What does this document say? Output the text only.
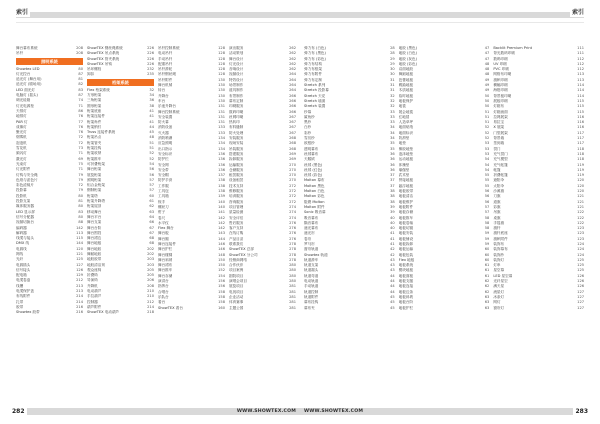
索引
舞台幕布系统	208
吊杆	208
照明系统
Showtex LED	80
灯光控台	87
追光灯 (舞台用)	81
追光灯 (剧场用)	82
LED 面光灯	83
电脑灯 (摇头)	87
调光硅箱	74
灯光电源柜	71
天排灯	86
地排灯	76
PAR 灯	77
成像灯	76
聚光灯	76
烟雾机	72
泡泡机	72
雪花机	73
频闪灯	71
激光灯	69
光束灯	75
灯光附件	71
灯钩与安全绳	79
色纸与滤色片	79
彩色滤镜片	72
投影幕	79
投影机	80
投影支架	81
媒体服务器	80
LED 显示屏	83
信号分配器	80
视频切换台	88
编码器	142
解码器	113
线缆与接头	115
DMX 线	144
电源线	120
网线	121
光纤	125
电源插头	127
信号接头	126
配电箱	129
电缆卷盘	212
线槽	213
电缆保护盖	213
布线附件	214
扎带	214
胶带	216
Showtex 胶带	216
ShowTEX 钢丝绳系统	226
ShowTEX 吊点系统	226
ShowTEX 管夹系统	226
ShowTEX 吊钩	226
吊环螺栓	232
卸扣	235
桁架系统
Flex 桁架系统	32
方形桁架	34
三角桁架	36
圆形桁架	38
桁架底座	41
桁架连接件	41
桁架角件	41
桁架销钉	44
Truss 连接件系统	45
桁架吊点	48
桁架管夹	51
桁架挂钩	51
桁架收纳	52
桁架推车	52
可折叠桁架	54
舞台桁架	56
展览桁架	56
照明桁架	57
铝合金桁架	57
钢制桁架	57
桁架塔	60
桁架升降塔	61
桁架屋顶	62
移动舞台	63
舞台平台	64
舞台支架	66
舞台台阶	67
舞台围挡	67
舞台裙边	68
舞台地板	68
舞台地胶	202
舞蹈地胶	202
地胶胶带	203
地胶清洁剂	203
观众座椅	205
折叠椅	205
导演椅	206
升降机	208
电动葫芦	210
手拉葫芦	210
控制器	212
葫芦附件	214
ShowTEX 电动葫芦	218
吊杆控制系统	128
电动吊杆	128
手动吊杆	128
配重吊杆	128
吊杆滑轮	128
吊杆钢丝绳	128
吊杆附件	130
舞台机械	130
转台	130
升降台	130
车台	130
乐池升降台	131
舞台控制系统	131
安全装置	131
防火幕	131
消防设备	133
灭火器	133
消防喷淋	134
应急照明	134
出口指示	134
安全标识	136
防护栏	136
安全网	136
安全带	136
安全帽	137
防护手套	138
工作服	138
工具包	138
工具箱	139
扳手	140
螺丝刀	140
钳子	141
卷尺	142
水平仪	142
Flex 舞台	142
舞台板	143
舞台腿	144
舞台连接件	146
舞台护栏	146
舞台楼梯	148
舞台斜坡	150
舞台裙布	150
舞台推车	152
舞台存储	154
演讲台	156
指挥台	156
合唱台	158
乐队台	158
看台	158
ShowTEX 看台	160
演出服务	262
活动策划	262
舞台设计	262
灯光设计	262
音响设计	262
视频设计	264
特效设计	264
场景制作	264
道具制作	264
布景制作	266
幕布定制	266
印刷服务	266
数码印刷	266
丝网印刷	267
热转印	267
布料缝制	267
防火处理	267
安装服务	268
现场安装	268
吊装服务	268
搭建服务	269
拆卸服务	269
运输服务	270
仓储服务	270
租赁服务	270
设备租赁	270
技术支持	272
维修服务	272
培训服务	272
咨询服务	272
项目管理	274
质量检测	274
安全评估	274
售后服务	276
客户支持	276
在线订购	276
产品目录	276
联系我们	278
ShowTEX 总部	278
ShowTEX 分公司	278
经销商网络	278
合作伙伴	280
项目案例	280
剧院项目	280
演唱会项目	280
展览项目	281
电视项目	281
企业活动	281
体育赛事	281
主题公园	281
282	WWW.SHOWTEX.COM
索引
弹力布 (白色)	28
弹力布 (黑色)	28
弹力布 (彩色)	29
弹力布结构	29
弹力布框架	30
弹力布附件	30
弹力布定制	31
Stretch 系列	31
Stretch 投影幕	31
Stretch 天花	32
Stretch 墙面	32
Stretch 装置	32
纱幕	33
鲨鱼纱	33
黑纱	33
白纱	34
彩纱	34
雪纺纱	34
欧根纱	35
透明幕布	35
丝绒幕布	36
天鹅绒	36
丝绒 (黑色)	36
丝绒 (红色)	36
丝绒 (彩色)	37
Molton 幕布	37
Molton 黑色	37
Molton 白色	38
Molton 彩色	38
阻燃 Molton	38
Molton 附件	39
Sonic 吸音幕	39
吸音幕布	40
隔音幕布	40
遮光幕布	40
遮光帘	41
卷帘	41
罗马帘	41
窗帘轨道	42
Showtex 轨道	42
轨道滑车	43
轨道支架	43
轨道端头	43
轨道弯道	44
电动轨道	44
手动轨道	44
轨道控制	44
轨道附件	45
幕布挂钩	45
幕布夹	45
地胶 (黑色)	47
地胶 (白色)	47
地胶 (灰色)	47
地胶 (彩色)	48
双面地胶	48
舞蹈地板	48
芭蕾地板	49
踢踏地板	49
木质地板	49
临时地板	50
地板保护	50
地毯	50
展会地毯	51
红地毯	51
人造草坪	51
地面贴纸	52
地面标识	52
防滑垫	52
地垫	53
橡胶地垫	53
泡沫地垫	53
运动地板	54
体操垫	54
瑜伽垫	54
武术垫	55
拼接地板	55
悬浮地板	55
地板胶带	56
地板清洁	56
地板维护	56
地板附件	57
地板存储	57
地板推车	58
地板卷轴	58
地板切割	58
地板安装	59
地板铺设	59
地板拆卸	59
地板运输	60
地板包装	60
Flex 地板	60
地板系统	61
模块地板	61
地板面板	61
地板支腿	62
地板连接	62
地板边条	62
地板斜坡	63
地板台阶	63
地板护栏	63
Backlit Premium Print	111
背光数码印刷	111
数码印刷	112
UV 印刷	112
PVC 印刷	112
网格布印刷	113
旗帜印刷	113
横幅印刷	114
海报印刷	114
背景板印刷	114
展板印刷	115
灯箱布	115
灯箱画面	115
拉网展架	116
易拉宝	116
X 展架	116
门型展架	117
背景墙	117
签到墙	117
拱门	118
充气拱门	118
充气模型	118
充气帐篷	119
帐篷	119
折叠帐篷	119
遮阳伞	120
太阳伞	120
沙滩旗	120
刀旗	121
道旗	121
彩旗	121
吊旗	122
桌旗	122
手摇旗	122
旗杆	123
旗杆底座	123
旗帜附件	123
装饰布	124
装饰幕布	124
装饰纱	124
装饰灯	125
灯串	125
星空幕	125
LED 星空幕	126
光纤星空	126
满天星	126
流星灯	127
冰条灯	127
网灯	127
窗帘灯	127
283
WWW.SHOWTEX.COM
